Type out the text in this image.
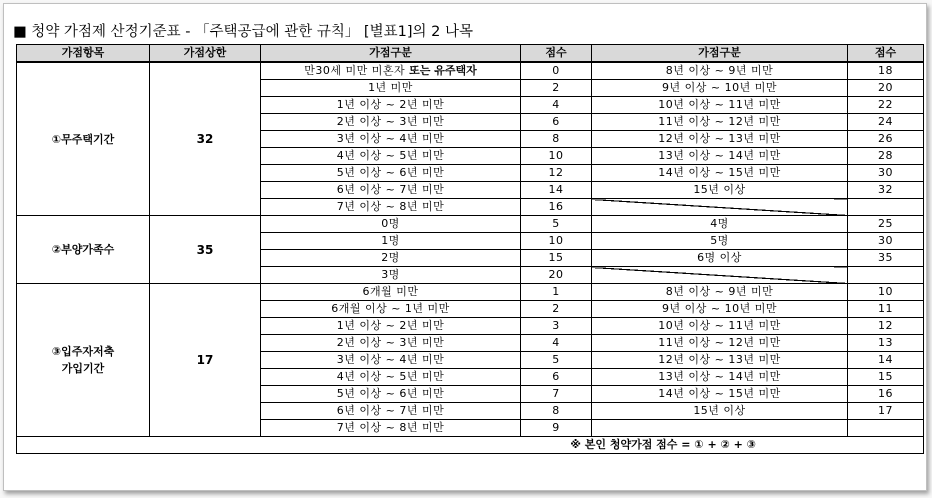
■ 청약 가점제 산정기준표 - 「주택공급에 관한 규칙」 [별표1]의 2 나목
가점항목	가점상한	가점구분	점수	가점구분	점수
①무주택기간	32	만30세 미만 미혼자 또는 유주택자	0	8년 이상 ~ 9년 미만	18
		1년 미만	2	9년 이상 ~ 10년 미만	20
		1년 이상 ~ 2년 미만	4	10년 이상 ~ 11년 미만	22
		2년 이상 ~ 3년 미만	6	11년 이상 ~ 12년 미만	24
		3년 이상 ~ 4년 미만	8	12년 이상 ~ 13년 미만	26
		4년 이상 ~ 5년 미만	10	13년 이상 ~ 14년 미만	28
		5년 이상 ~ 6년 미만	12	14년 이상 ~ 15년 미만	30
		6년 이상 ~ 7년 미만	14	15년 이상	32
		7년 이상 ~ 8년 미만	16		
②부양가족수	35	0명	5	4명	25
		1명	10	5명	30
		2명	15	6명 이상	35
		3명	20		
③입주자저축
가입기간	17	6개월 미만	1	8년 이상 ~ 9년 미만	10
		6개월 이상 ~ 1년 미만	2	9년 이상 ~ 10년 미만	11
		1년 이상 ~ 2년 미만	3	10년 이상 ~ 11년 미만	12
		2년 이상 ~ 3년 미만	4	11년 이상 ~ 12년 미만	13
		3년 이상 ~ 4년 미만	5	12년 이상 ~ 13년 미만	14
		4년 이상 ~ 5년 미만	6	13년 이상 ~ 14년 미만	15
		5년 이상 ~ 6년 미만	7	14년 이상 ~ 15년 미만	16
		6년 이상 ~ 7년 미만	8	15년 이상	17
		7년 이상 ~ 8년 미만	9		
※ 본인 청약가점 점수 = ① + ② + ③					
